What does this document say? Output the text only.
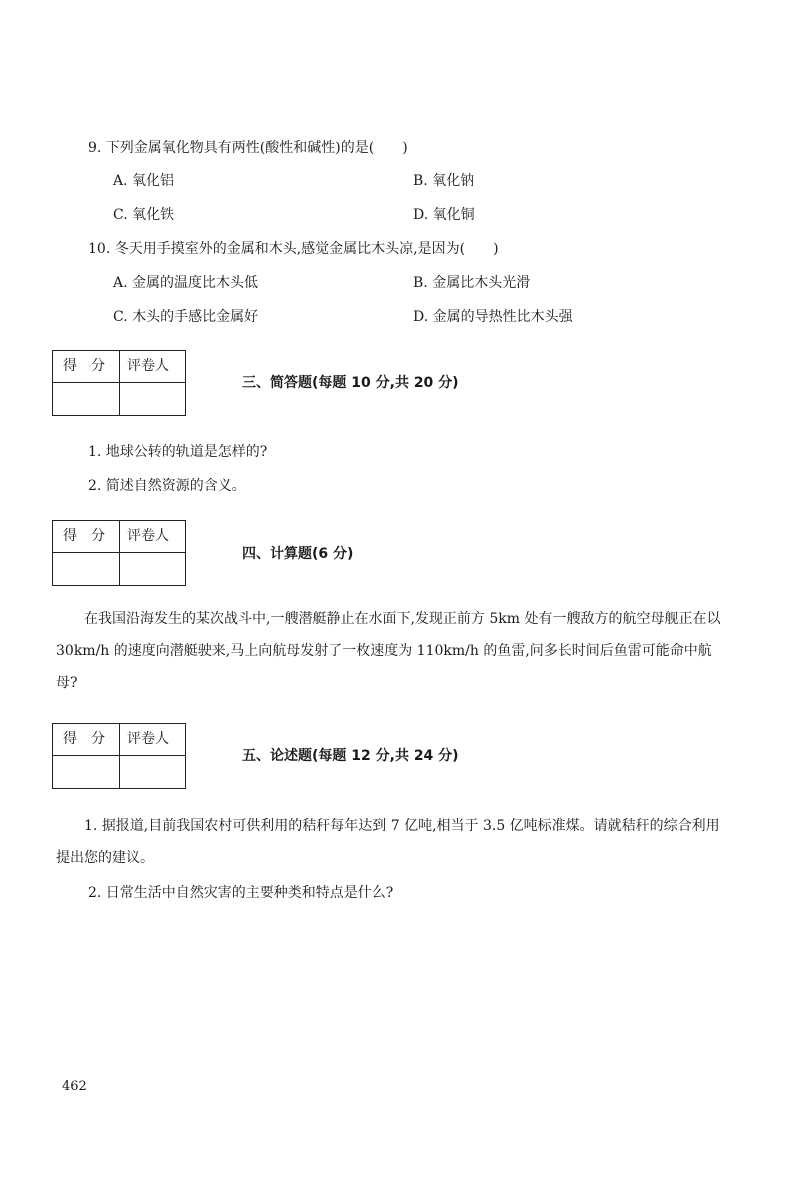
9. 下列金属氧化物具有两性(酸性和碱性)的是(　　)
A. 氧化铝	B. 氧化钠
C. 氧化铁	D. 氧化铜
10. 冬天用手摸室外的金属和木头,感觉金属比木头凉,是因为(　　)
A. 金属的温度比木头低	B. 金属比木头光滑
C. 木头的手感比金属好	D. 金属的导热性比木头强
得　分 评卷人
三、简答题(每题 10 分,共 20 分)
1. 地球公转的轨道是怎样的?
2. 简述自然资源的含义。
得　分 评卷人
四、计算题(6 分)

在我国沿海发生的某次战斗中,一艘潜艇静止在水面下,发现正前方 5km 处有一艘敌方的航空母舰正在以 30km/h 的速度向潜艇驶来,马上向航母发射了一枚速度为 110km/h 的鱼雷,问多长时间后鱼雷可能命中航母?

得　分 评卷人
五、论述题(每题 12 分,共 24 分)

1. 据报道,目前我国农村可供利用的秸秆每年达到 7 亿吨,相当于 3.5 亿吨标准煤。请就秸秆的综合利用提出您的建议。

2. 日常生活中自然灾害的主要种类和特点是什么?
462
